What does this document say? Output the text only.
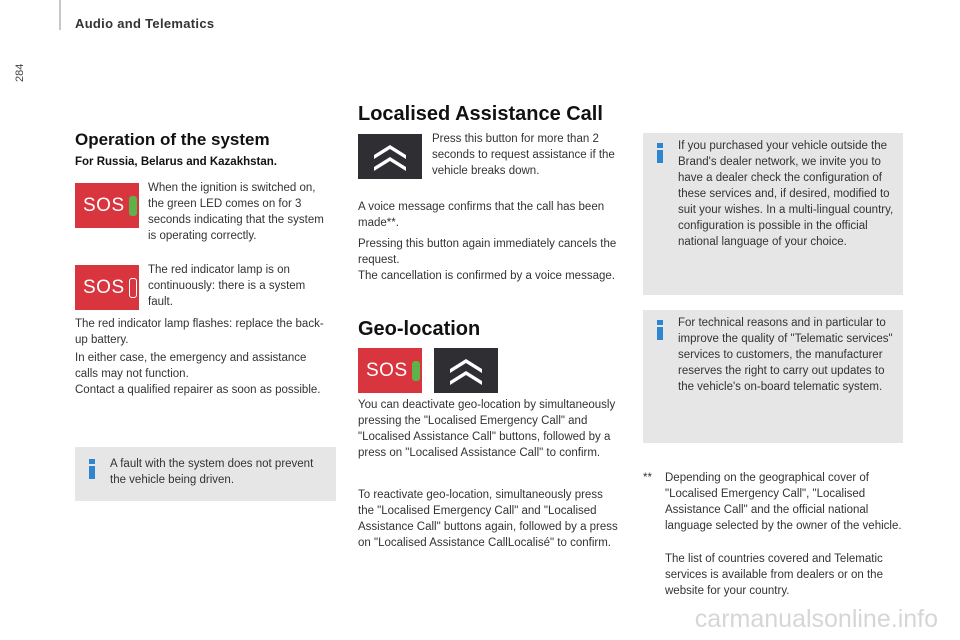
Audio and Telematics
284
Operation of the system
For Russia, Belarus and Kazakhstan.
SOS
When the ignition is switched on, the green LED comes on for 3 seconds indicating that the system is operating correctly.
SOS
The red indicator lamp is on continuously: there is a system fault.
The red indicator lamp flashes: replace the back-up battery.
In either case, the emergency and assistance calls may not function.
Contact a qualified repairer as soon as possible.
A fault with the system does not prevent the vehicle being driven.
Localised Assistance Call
Press this button for more than 2 seconds to request assistance if the vehicle breaks down.
A voice message confirms that the call has been made**.
Pressing this button again immediately cancels the request.
The cancellation is confirmed by a voice message.
Geo-location
SOS
You can deactivate geo-location by simultaneously pressing the "Localised Emergency Call" and "Localised Assistance Call" buttons, followed by a press on "Localised Assistance Call" to confirm.
To reactivate geo-location, simultaneously press the "Localised Emergency Call" and "Localised Assistance Call" buttons again, followed by a press on "Localised Assistance CallLocalisé" to confirm.
If you purchased your vehicle outside the Brand's dealer network, we invite you to have a dealer check the configuration of these services and, if desired, modified to suit your wishes. In a multi-lingual country, configuration is possible in the official national language of your choice.
For technical reasons and in particular to improve the quality of "Telematic services" services to customers, the manufacturer reserves the right to carry out updates to the vehicle's on-board telematic system.
** Depending on the geographical cover of "Localised Emergency Call", "Localised Assistance Call" and the official national language selected by the owner of the vehicle.
The list of countries covered and Telematic services is available from dealers or on the website for your country.
carmanualsonline.info
